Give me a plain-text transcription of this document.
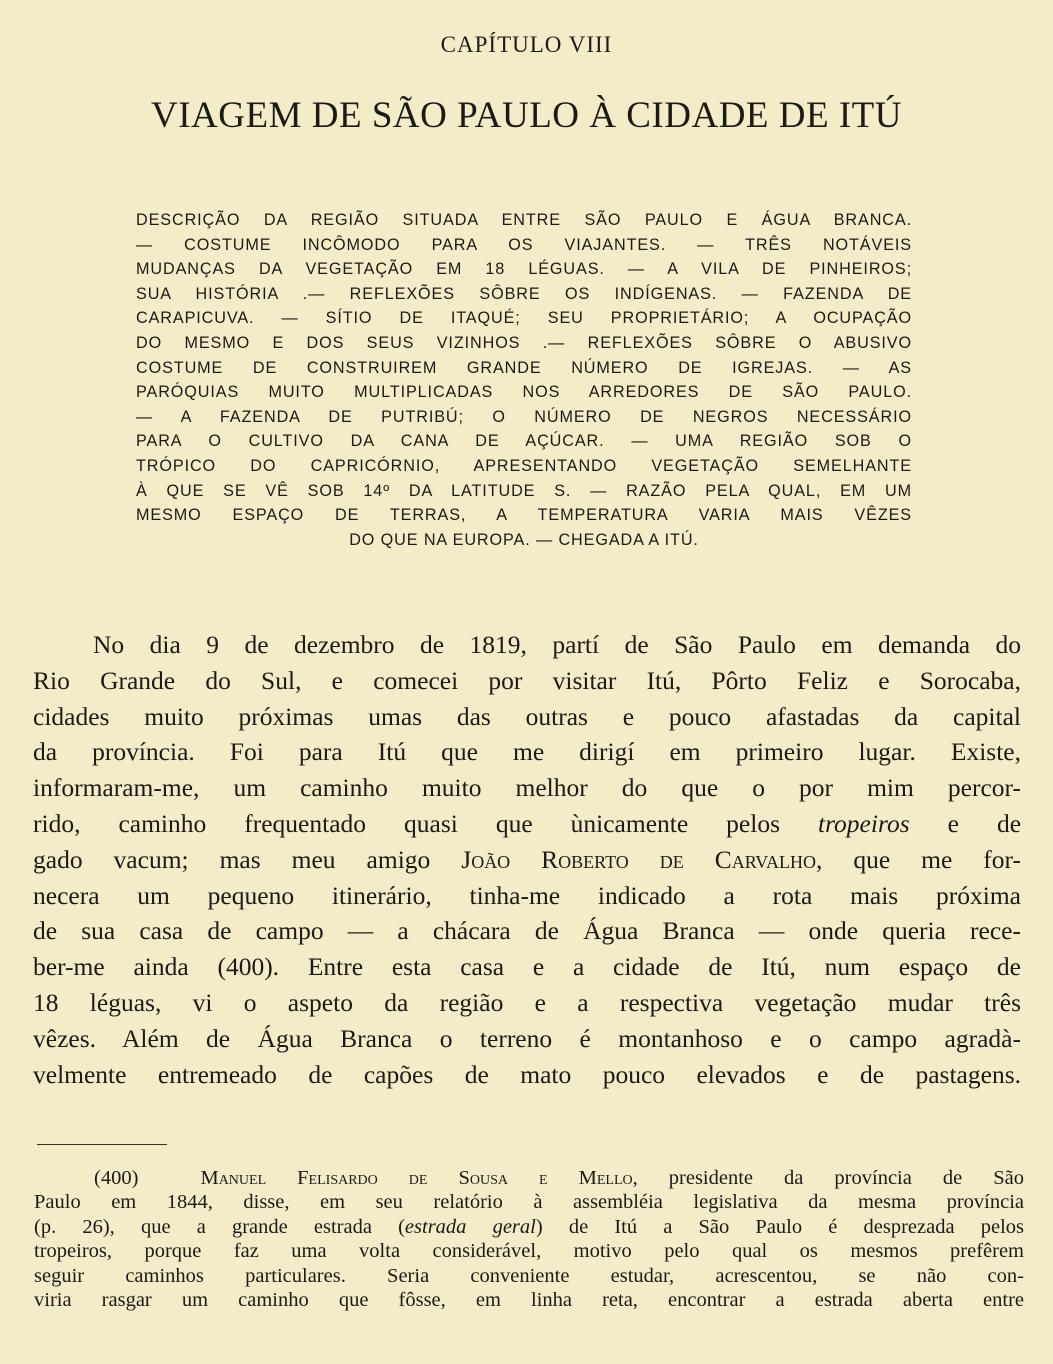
CAPÍTULO VIII
VIAGEM DE SÃO PAULO À CIDADE DE ITÚ
DESCRIÇÃO DA REGIÃO SITUADA ENTRE SÃO PAULO E ÁGUA BRANCA.
— COSTUME INCÔMODO PARA OS VIAJANTES. — TRÊS NOTÁVEIS
MUDANÇAS DA VEGETAÇÃO EM 18 LÉGUAS. — A VILA DE PINHEIROS;
SUA HISTÓRIA .— REFLEXÕES SÔBRE OS INDÍGENAS. — FAZENDA DE
CARAPICUVA. — SÍTIO DE ITAQUÉ; SEU PROPRIETÁRIO; A OCUPAÇÃO
DO MESMO E DOS SEUS VIZINHOS .— REFLEXÕES SÔBRE O ABUSIVO
COSTUME DE CONSTRUIREM GRANDE NÚMERO DE IGREJAS. — AS
PARÓQUIAS MUITO MULTIPLICADAS NOS ARREDORES DE SÃO PAULO.
— A FAZENDA DE PUTRIBÚ; O NÚMERO DE NEGROS NECESSÁRIO
PARA O CULTIVO DA CANA DE AÇÚCAR. — UMA REGIÃO SOB O
TRÓPICO DO CAPRICÓRNIO, APRESENTANDO VEGETAÇÃO SEMELHANTE
À QUE SE VÊ SOB 14º DA LATITUDE S. — RAZÃO PELA QUAL, EM UM
MESMO ESPAÇO DE TERRAS, A TEMPERATURA VARIA MAIS VÊZES
DO QUE NA EUROPA. — CHEGADA A ITÚ.
No dia 9 de dezembro de 1819, partí de São Paulo em demanda do
Rio Grande do Sul, e comecei por visitar Itú, Pôrto Feliz e Sorocaba,
cidades muito próximas umas das outras e pouco afastadas da capital
da província. Foi para Itú que me dirigí em primeiro lugar. Existe,
informaram-me, um caminho muito melhor do que o por mim percor-
rido, caminho frequentado quasi que ùnicamente pelos tropeiros e de
gado vacum; mas meu amigo João Roberto de Carvalho, que me for-
necera um pequeno itinerário, tinha-me indicado a rota mais próxima
de sua casa de campo — a chácara de Água Branca — onde queria rece-
ber-me ainda (400). Entre esta casa e a cidade de Itú, num espaço de
18 léguas, vi o aspeto da região e a respectiva vegetação mudar três
vêzes. Além de Água Branca o terreno é montanhoso e o campo agradà-
velmente entremeado de capões de mato pouco elevados e de pastagens.
(400)	Manuel Felisardo de Sousa e Mello, presidente da província de São
Paulo em 1844, disse, em seu relatório à assembléia legislativa da mesma província
(p. 26), que a grande estrada (estrada geral) de Itú a São Paulo é desprezada pelos
tropeiros, porque faz uma volta considerável, motivo pelo qual os mesmos prefêrem
seguir caminhos particulares. Seria conveniente estudar, acrescentou, se não con-
viria rasgar um caminho que fôsse, em linha reta, encontrar a estrada aberta entre
